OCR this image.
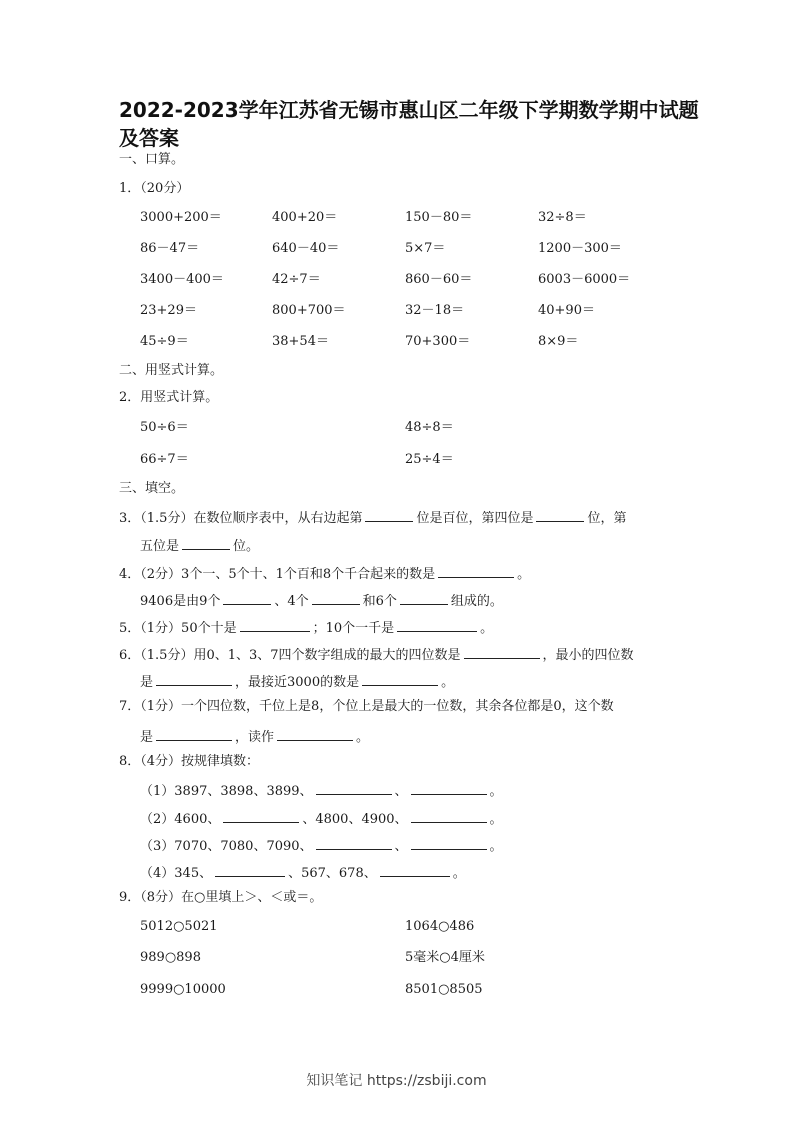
2022-2023学年江苏省无锡市惠山区二年级下学期数学期中试题及答案
一、口算。
1．（20分）
3000+200＝	400+20＝	150－80＝	32÷8＝
86－47＝	640－40＝	5×7＝	1200－300＝
3400－400＝	42÷7＝	860－60＝	6003－6000＝
23+29＝	800+700＝	32－18＝	40+90＝
45÷9＝	38+54＝	70+300＝	8×9＝
二、用竖式计算。
2．用竖式计算。
50÷6＝	48÷8＝
66÷7＝	25÷4＝
三、填空。
3．（1.5分）在数位顺序表中，从右边起第	位是百位，第四位是	位，第
五位是	位。
4．（2分）3个一、5个十、1个百和8个千合起来的数是	。
9406是由9个	、4个	和6个	组成的。
5．（1分）50个十是	；10个一千是	。
6．（1.5分）用0、1、3、7四个数字组成的最大的四位数是	，最小的四位数
是	，最接近3000的数是	。
7．（1分）一个四位数，千位上是8，个位上是最大的一位数，其余各位都是0，这个数
是	，读作	。
8．（4分）按规律填数：
（1）3897、3898、3899、	、	。
（2）4600、	、4800、4900、	。
（3）7070、7080、7090、	、	。
（4）345、	、567、678、	。
9．（8分）在○里填上＞、＜或＝。
5012○5021	1064○486
989○898	5毫米○4厘米
9999○10000	8501○8505
知识笔记 https://zsbiji.com
